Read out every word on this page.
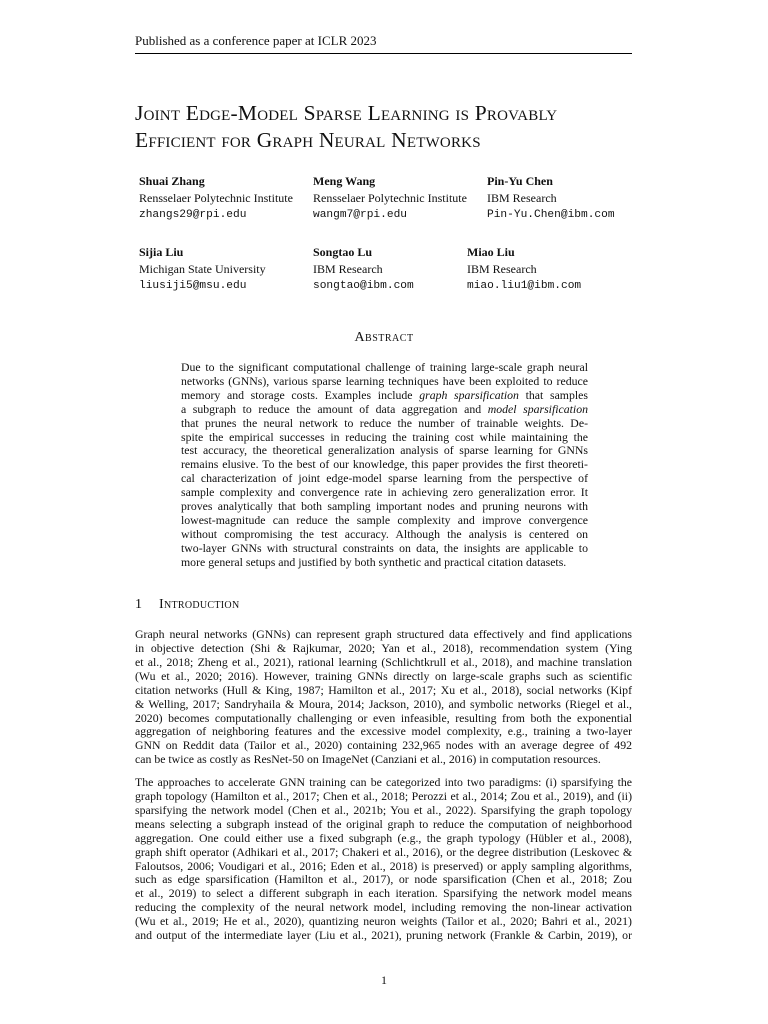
Published as a conference paper at ICLR 2023
Joint Edge-Model Sparse Learning is Provably
Efficient for Graph Neural Networks
Shuai Zhang
Rensselaer Polytechnic Institute
zhangs29@rpi.edu
Meng Wang
Rensselaer Polytechnic Institute
wangm7@rpi.edu
Pin-Yu Chen
IBM Research
Pin-Yu.Chen@ibm.com
Sijia Liu
Michigan State University
liusiji5@msu.edu
Songtao Lu
IBM Research
songtao@ibm.com
Miao Liu
IBM Research
miao.liu1@ibm.com
Abstract
Due to the significant computational challenge of training large-scale graph neural
networks (GNNs), various sparse learning techniques have been exploited to reduce
memory and storage costs. Examples include graph sparsification that samples
a subgraph to reduce the amount of data aggregation and model sparsification
that prunes the neural network to reduce the number of trainable weights. De-
spite the empirical successes in reducing the training cost while maintaining the
test accuracy, the theoretical generalization analysis of sparse learning for GNNs
remains elusive. To the best of our knowledge, this paper provides the first theoreti-
cal characterization of joint edge-model sparse learning from the perspective of
sample complexity and convergence rate in achieving zero generalization error. It
proves analytically that both sampling important nodes and pruning neurons with
lowest-magnitude can reduce the sample complexity and improve convergence
without compromising the test accuracy. Although the analysis is centered on
two-layer GNNs with structural constraints on data, the insights are applicable to
more general setups and justified by both synthetic and practical citation datasets.
1 Introduction
Graph neural networks (GNNs) can represent graph structured data effectively and find applications
in objective detection (Shi & Rajkumar, 2020; Yan et al., 2018), recommendation system (Ying
et al., 2018; Zheng et al., 2021), rational learning (Schlichtkrull et al., 2018), and machine translation
(Wu et al., 2020; 2016). However, training GNNs directly on large-scale graphs such as scientific
citation networks (Hull & King, 1987; Hamilton et al., 2017; Xu et al., 2018), social networks (Kipf
& Welling, 2017; Sandryhaila & Moura, 2014; Jackson, 2010), and symbolic networks (Riegel et al.,
2020) becomes computationally challenging or even infeasible, resulting from both the exponential
aggregation of neighboring features and the excessive model complexity, e.g., training a two-layer
GNN on Reddit data (Tailor et al., 2020) containing 232,965 nodes with an average degree of 492
can be twice as costly as ResNet-50 on ImageNet (Canziani et al., 2016) in computation resources.
The approaches to accelerate GNN training can be categorized into two paradigms: (i) sparsifying the
graph topology (Hamilton et al., 2017; Chen et al., 2018; Perozzi et al., 2014; Zou et al., 2019), and (ii)
sparsifying the network model (Chen et al., 2021b; You et al., 2022). Sparsifying the graph topology
means selecting a subgraph instead of the original graph to reduce the computation of neighborhood
aggregation. One could either use a fixed subgraph (e.g., the graph typology (Hübler et al., 2008),
graph shift operator (Adhikari et al., 2017; Chakeri et al., 2016), or the degree distribution (Leskovec &
Faloutsos, 2006; Voudigari et al., 2016; Eden et al., 2018) is preserved) or apply sampling algorithms,
such as edge sparsification (Hamilton et al., 2017), or node sparsification (Chen et al., 2018; Zou
et al., 2019) to select a different subgraph in each iteration. Sparsifying the network model means
reducing the complexity of the neural network model, including removing the non-linear activation
(Wu et al., 2019; He et al., 2020), quantizing neuron weights (Tailor et al., 2020; Bahri et al., 2021)
and output of the intermediate layer (Liu et al., 2021), pruning network (Frankle & Carbin, 2019), or
1
